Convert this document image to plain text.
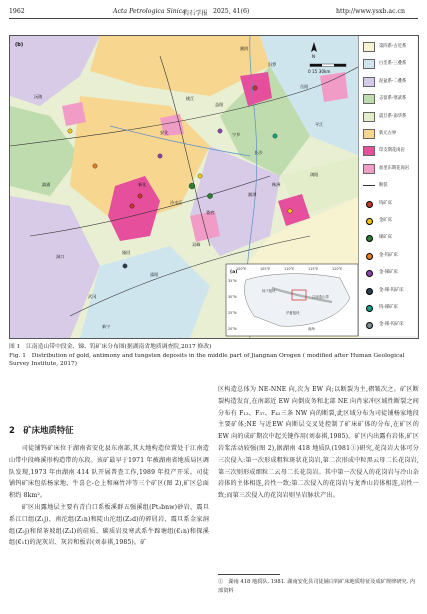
1962	Acta Petrologica Sinica
岩石学报 2025, 41(6)	http://www.ysxb.ac.cn
(b)
N
0 15 30km
湘阴
岳阳
长沙
平江
浏阳
湘潭
株洲
邵阳
新化
安化
桃江
益阳
沅陵
溆浦
洞口
武冈
新宁
隆回
冷水江
双峰
娄底
宁乡
汨罗
(a)
扬子板块
江南造山带
华夏板块
南海
100°E	105°E	110°E	115°E	120°E
35°N
30°N
25°N
20°N
第四系-古近系
白垩系-三叠系
泥盆系-二叠系
志留系-寒武系
震旦系-南华系
新元古界
印支期花岗岩
加里东期花岗岩
断裂
钨矿床
金矿床
锑矿床
金-钨矿床
金-锑矿床
金-锑-钨矿床
钨-锑矿床
金-锑-钨矿床
图 1　江南造山带中段金、锑、钨矿床分布图(据湖南省地质调查院,2017 修改)
Fig. 1　Distribution of gold, antimony and tungsten deposits in the middle part of Jiangnan Orogen ( modified after Human Geological Survey Institute, 2017)
2　矿床地质特征
　　司徒铺钨矿床位于湖南省安化县东南部,其大地构造位置处于江南造山带中段峰溪形构造带的东段。该矿最早于1971 年被湖南省地质局区调队发现,1973 年由湖南 414 队开展普查工作,1989 年投产开采。司徒铺钨矿床包括杨家地、牛喜仑-仑上和麻竹冲等三个矿区(图 2),矿区总面积约 8km²。
　　矿区出露地层主要有青白口系板溪群五强溪组(Pt₃bnw)砂岩、震旦系江口组(Z₁j)、南沱组(Z₁n)和陡山沱组(Z₂d)的碎屑岩、震旦系金家洞组(Z₂j)和留茶坡组(Z₂l)的硅质、碳质岩及寒武系牛蹄塘组(€₁n)和探溪组(€₁t)的泥灰岩、灰岩和板岩(刘泰祺,1985)。矿
区构造总体为 NE-NNE 向,次为 EW 向;以断裂为主,褶皱次之。矿区断裂构造发育,在南部近 EW 向倒皮务和北部 NE 向肖家冲区域性断裂之间分布有 F₁₃、F₃₇、F₄₂三条 NW 向的断裂,此区域分布为司徒铺杨家地段主要矿体;NE 与近EW 向断层交叉处控制了矿床矿体的分布,在矿区的 EW 向的成矿期次中起关键作用(刘泰祺,1985)。矿区内出露有岩体,矿区岩浆活动较强(图 2),据湖南 418 地质队(1981①)研究,花岗岩大体可分三次侵入:第一次形成粗粒斑状花岗岩,第二次形成中粒黑云母二长花岗岩,第三次则形成细粒二云母二长花岗岩。其中第一次侵入的花岗岩与冷山杂岩体的主体相连,岩性一致;第二次侵入的花岗岩与龙香山岩体相连,岩性一致;而第三次侵入的花岗岩则呈岩脉状产出。
①　湖南 418 地质队. 1981. 湖南安化县司徒铺白钨矿床地质特征及成矿规律研究. 内部资料
